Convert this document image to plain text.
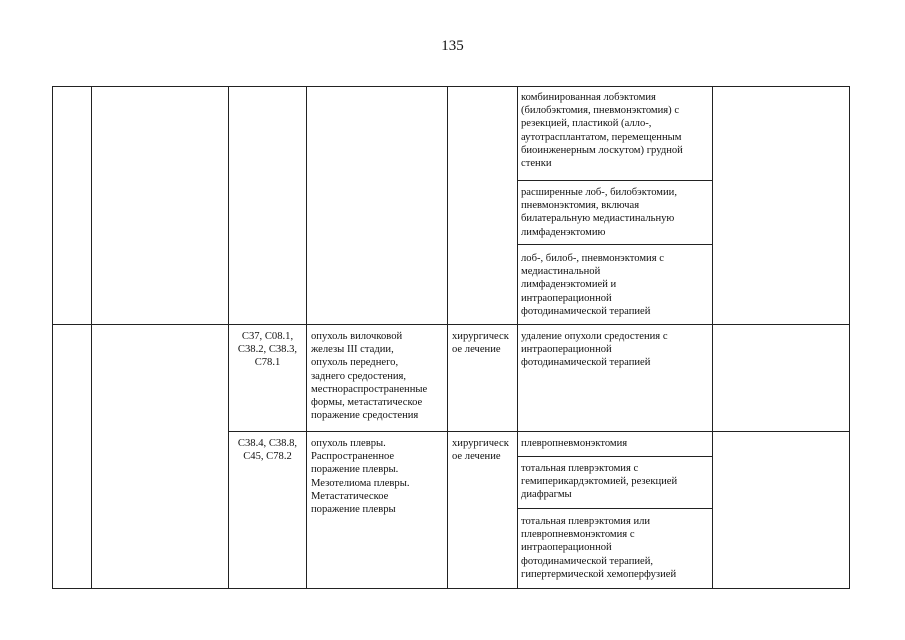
135
комбинированная лобэктомия
(билобэктомия, пневмонэктомия) с
резекцией, пластикой (алло-,
аутотрасплантатом, перемещенным
биоинженерным лоскутом) грудной
стенки
расширенные лоб-, билобэктомии,
пневмонэктомия, включая
билатеральную медиастинальную
лимфаденэктомию
лоб-, билоб-, пневмонэктомия с
медиастинальной
лимфаденэктомией и
интраоперационной
фотодинамической терапией
C37, C08.1,
C38.2, C38.3,
C78.1
опухоль вилочковой
железы III стадии,
опухоль переднего,
заднего средостения,
местнораспространенные
формы, метастатическое
поражение средостения
хирургическ
ое лечение
удаление опухоли средостения с
интраоперационной
фотодинамической терапией
C38.4, C38.8,
C45, C78.2
опухоль плевры.
Распространенное
поражение плевры.
Мезотелиома плевры.
Метастатическое
поражение плевры
хирургическ
ое лечение
плевропневмонэктомия
тотальная плеврэктомия с
гемиперикардэктомией, резекцией
диафрагмы
тотальная плеврэктомия или
плевропневмонэктомия с
интраоперационной
фотодинамической терапией,
гипертермической хемоперфузией
